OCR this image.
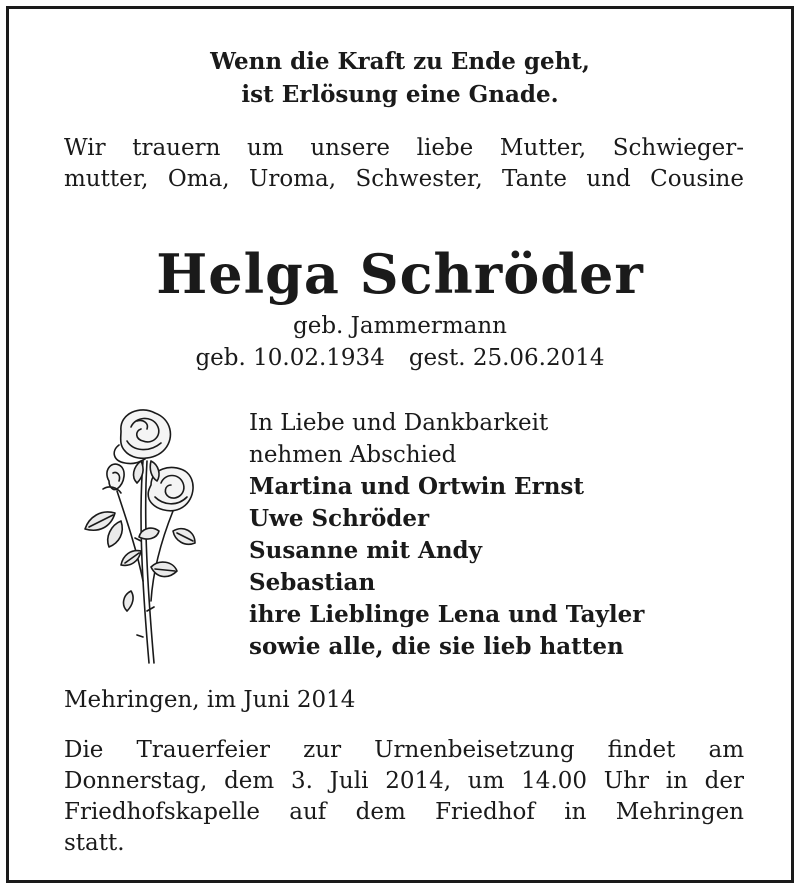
Wenn die Kraft zu Ende geht,
ist Erlösung eine Gnade.
Wir trauern um unsere liebe Mutter, Schwieger-
mutter, Oma, Uroma, Schwester, Tante und Cousine
Helga Schröder
geb. Jammermann
geb. 10.02.1934 gest. 25.06.2014
In Liebe und Dankbarkeit
nehmen Abschied
Martina und Ortwin Ernst
Uwe Schröder
Susanne mit Andy
Sebastian
ihre Lieblinge Lena und Tayler
sowie alle, die sie lieb hatten
Mehringen, im Juni 2014
Die Trauerfeier zur Urnenbeisetzung findet am
Donnerstag, dem 3. Juli 2014, um 14.00 Uhr in der
Friedhofskapelle auf dem Friedhof in Mehringen
statt.
